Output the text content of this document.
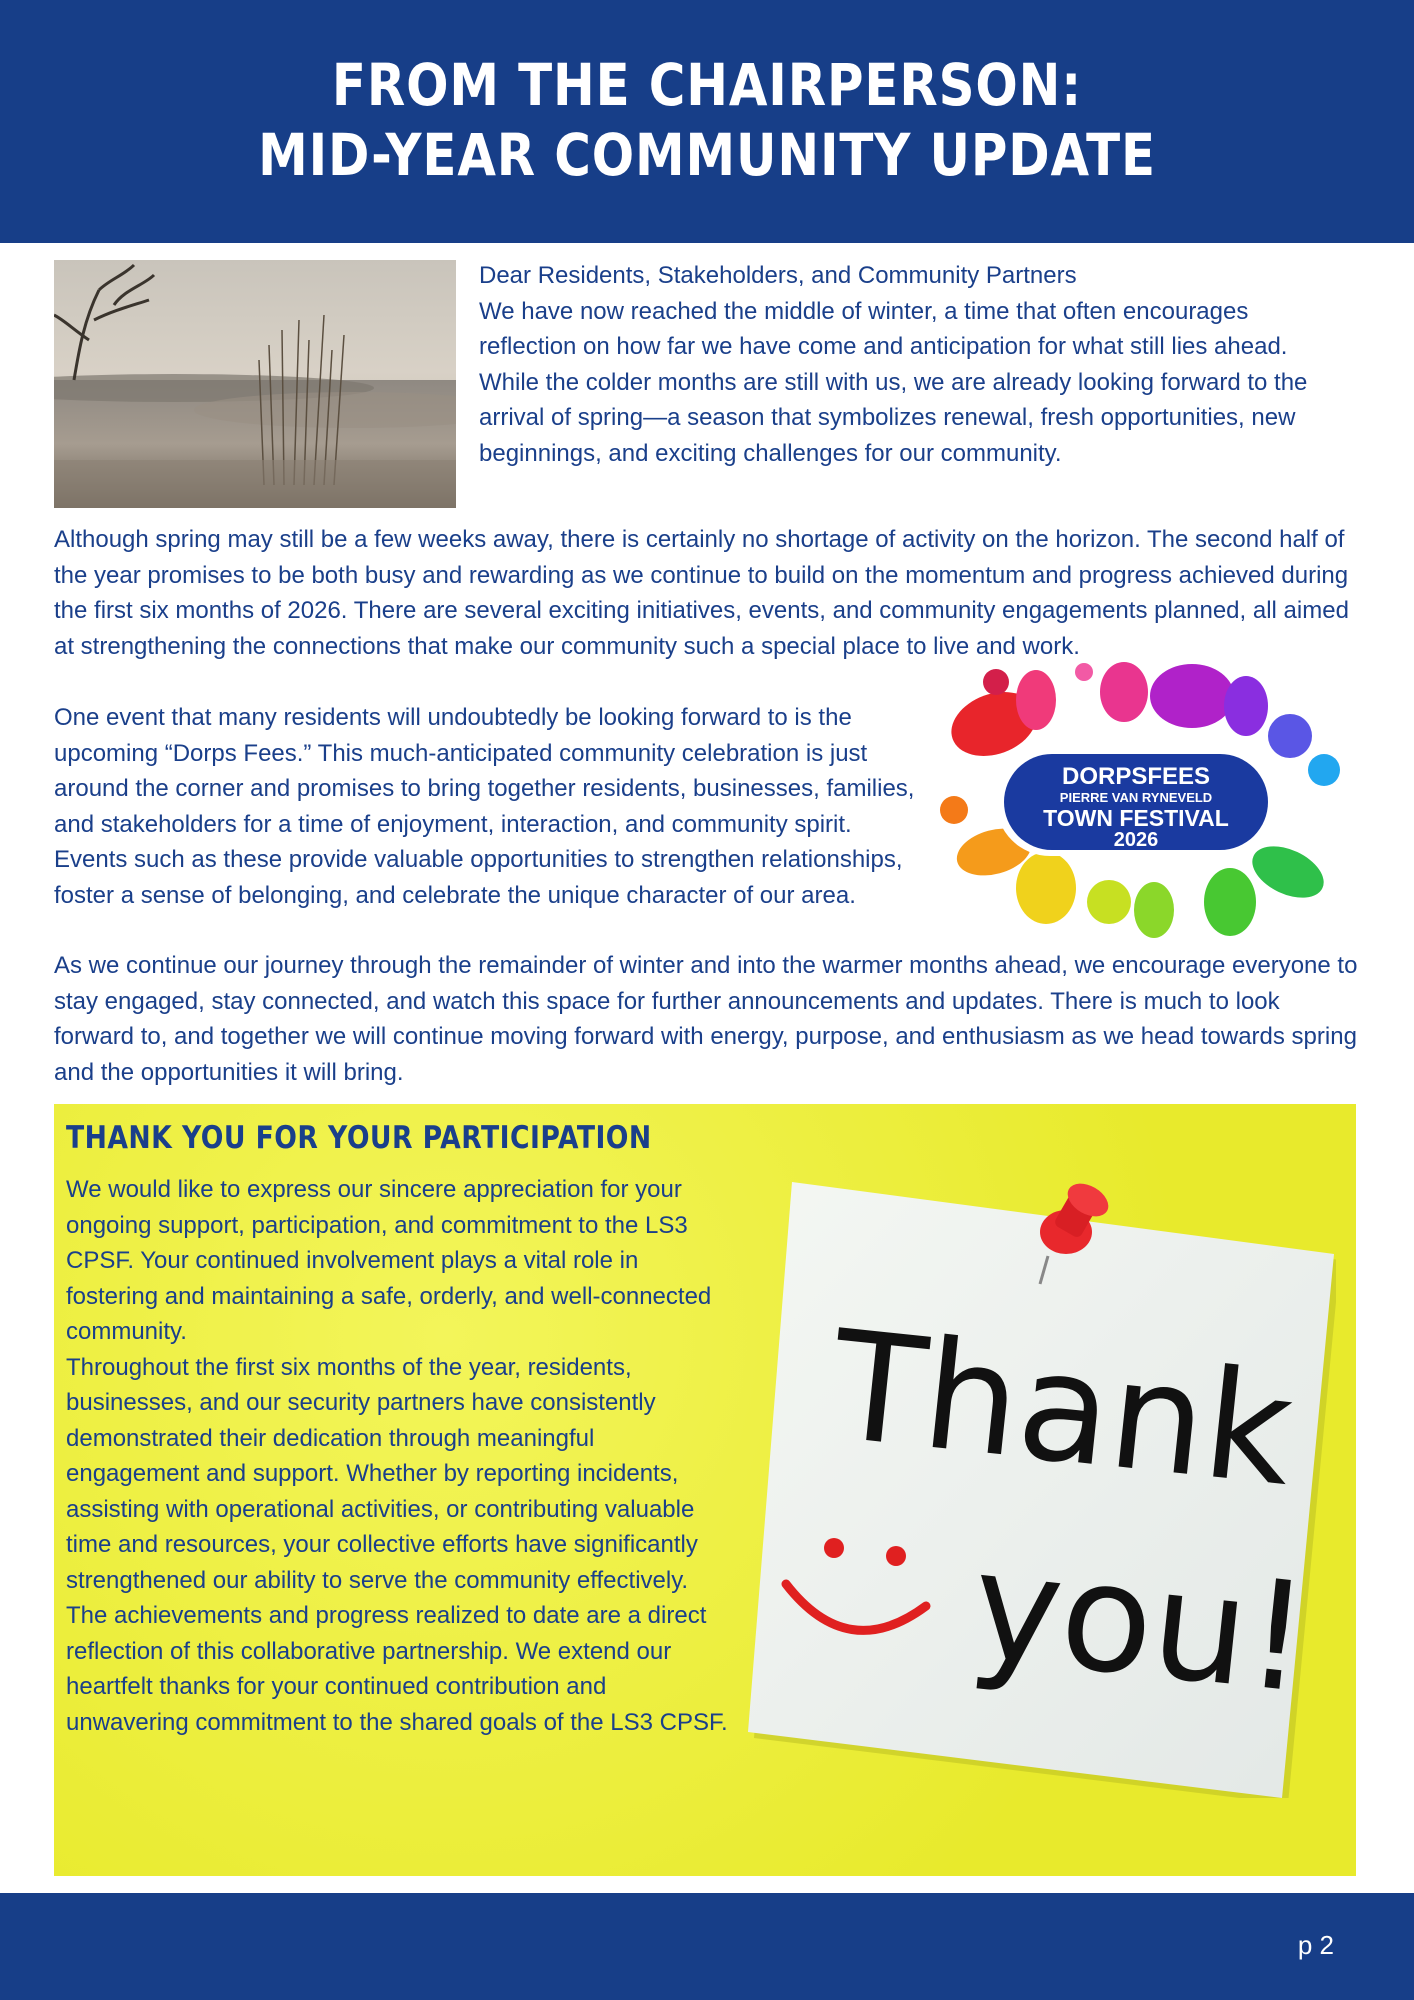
FROM THE CHAIRPERSON:
MID-YEAR COMMUNITY UPDATE

Dear Residents, Stakeholders, and Community Partners

We have now reached the middle of winter, a time that often encourages reflection on how far we have come and anticipation for what still lies ahead. While the colder months are still with us, we are already looking forward to the arrival of spring—a season that symbolizes renewal, fresh opportunities, new beginnings, and exciting challenges for our community.

Although spring may still be a few weeks away, there is certainly no shortage of activity on the horizon. The second half of the year promises to be both busy and rewarding as we continue to build on the momentum and progress achieved during the first six months of 2026. There are several exciting initiatives, events, and community engagements planned, all aimed at strengthening the connections that make our community such a special place to live and work.

One event that many residents will undoubtedly be looking forward to is the upcoming “Dorps Fees.” This much-anticipated community celebration is just around the corner and promises to bring together residents, businesses, families, and stakeholders for a time of enjoyment, interaction, and community spirit. Events such as these provide valuable opportunities to strengthen relationships, foster a sense of belonging, and celebrate the unique character of our area.

DORPSFEES
PIERRE VAN RYNEVELD
TOWN FESTIVAL
2026

As we continue our journey through the remainder of winter and into the warmer months ahead, we encourage everyone to stay engaged, stay connected, and watch this space for further announcements and updates. There is much to look forward to, and together we will continue moving forward with energy, purpose, and enthusiasm as we head towards spring and the opportunities it will bring.

THANK YOU FOR YOUR PARTICIPATION

We would like to express our sincere appreciation for your ongoing support, participation, and commitment to the LS3 CPSF. Your continued involvement plays a vital role in fostering and maintaining a safe, orderly, and well-connected community.

Throughout the first six months of the year, residents, businesses, and our security partners have consistently demonstrated their dedication through meaningful engagement and support. Whether by reporting incidents, assisting with operational activities, or contributing valuable time and resources, your collective efforts have significantly strengthened our ability to serve the community effectively.

The achievements and progress realized to date are a direct reflection of this collaborative partnership. We extend our heartfelt thanks for your continued contribution and unwavering commitment to the shared goals of the LS3 CPSF.

Thank
you!
p 2
